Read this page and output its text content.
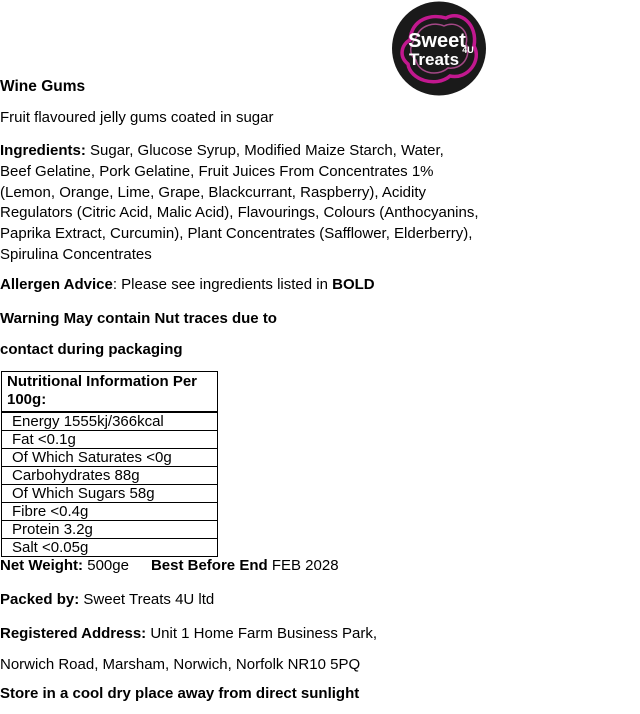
Sweet
Treats 4U
Wine Gums
Fruit flavoured jelly gums coated in sugar
Ingredients: Sugar, Glucose Syrup, Modified Maize Starch, Water,
Beef Gelatine, Pork Gelatine, Fruit Juices From Concentrates 1%
(Lemon, Orange, Lime, Grape, Blackcurrant, Raspberry), Acidity
Regulators (Citric Acid, Malic Acid), Flavourings, Colours (Anthocyanins,
Paprika Extract, Curcumin), Plant Concentrates (Safflower, Elderberry),
Spirulina Concentrates
Allergen Advice: Please see ingredients listed in BOLD
Warning May contain Nut traces due to
contact during packaging
Nutritional Information Per 100g:
Energy 1555kj/366kcal
Fat <0.1g
Of Which Saturates <0g
Carbohydrates 88g
Of Which Sugars 58g
Fibre <0.4g
Protein 3.2g
Salt <0.05g
Net Weight: 500ge Best Before End FEB 2028
Packed by: Sweet Treats 4U ltd
Registered Address: Unit 1 Home Farm Business Park,
Norwich Road, Marsham, Norwich, Norfolk NR10 5PQ
Store in a cool dry place away from direct sunlight
